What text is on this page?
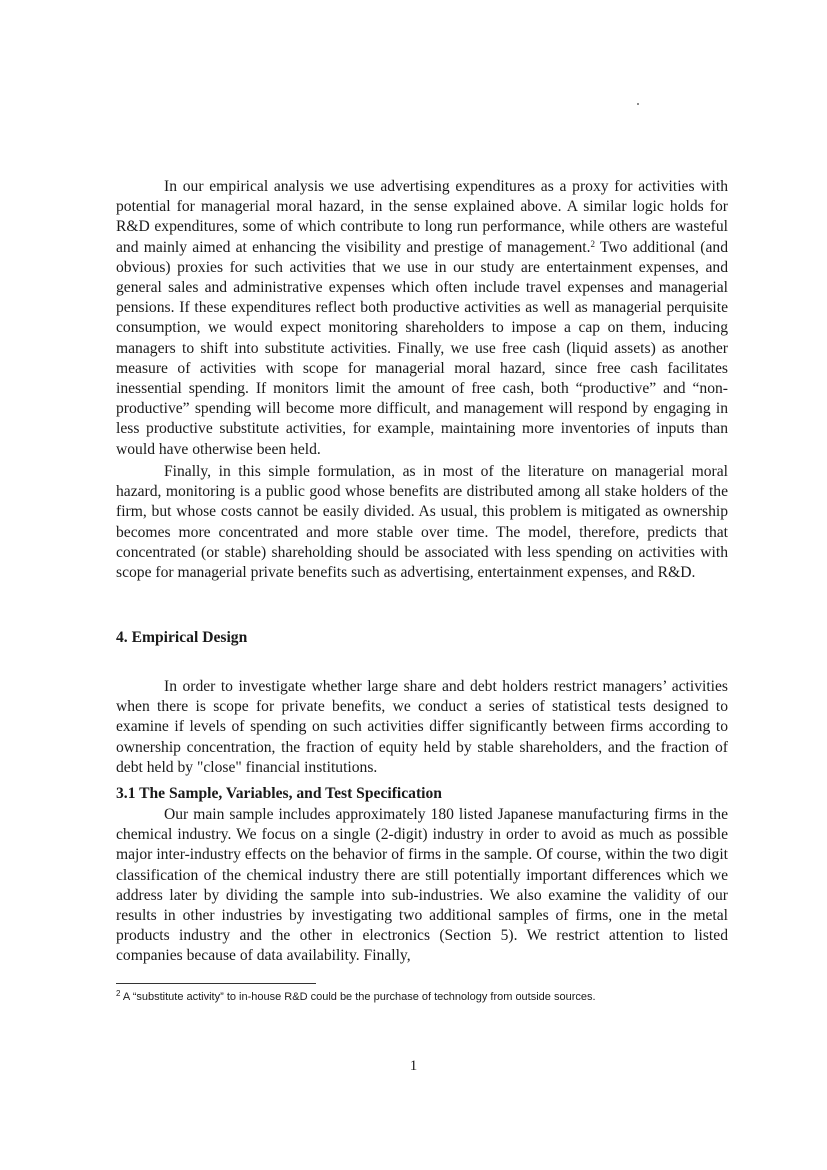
In our empirical analysis we use advertising expenditures as a proxy for activities with potential for managerial moral hazard, in the sense explained above. A similar logic holds for R&D expenditures, some of which contribute to long run performance, while others are wasteful and mainly aimed at enhancing the visibility and prestige of management.$^2$ Two additional (and obvious) proxies for such activities that we use in our study are entertainment expenses, and general sales and administrative expenses which often include travel expenses and managerial pensions. If these expenditures reflect both productive activities as well as managerial perquisite consumption, we would expect monitoring shareholders to impose a cap on them, inducing managers to shift into substitute activities. Finally, we use free cash (liquid assets) as another measure of activities with scope for managerial moral hazard, since free cash facilitates inessential spending. If monitors limit the amount of free cash, both “productive” and “non-productive” spending will become more difficult, and management will respond by engaging in less productive substitute activities, for example, maintaining more inventories of inputs than would have otherwise been held.

Finally, in this simple formulation, as in most of the literature on managerial moral hazard, monitoring is a public good whose benefits are distributed among all stake holders of the firm, but whose costs cannot be easily divided. As usual, this problem is mitigated as ownership becomes more concentrated and more stable over time. The model, therefore, predicts that concentrated (or stable) shareholding should be associated with less spending on activities with scope for managerial private benefits such as advertising, entertainment expenses, and R&D.

4. Empirical Design

In order to investigate whether large share and debt holders restrict managers’ activities when there is scope for private benefits, we conduct a series of statistical tests designed to examine if levels of spending on such activities differ significantly between firms according to ownership concentration, the fraction of equity held by stable shareholders, and the fraction of debt held by "close" financial institutions.

3.1 The Sample, Variables, and Test Specification

Our main sample includes approximately 180 listed Japanese manufacturing firms in the chemical industry. We focus on a single (2-digit) industry in order to avoid as much as possible major inter-industry effects on the behavior of firms in the sample. Of course, within the two digit classification of the chemical industry there are still potentially important differences which we address later by dividing the sample into sub-industries. We also examine the validity of our results in other industries by investigating two additional samples of firms, one in the metal products industry and the other in electronics (Section 5). We restrict attention to listed companies because of data availability. Finally,

$^2$ A “substitute activity” to in-house R&D could be the purchase of technology from outside sources.

1
